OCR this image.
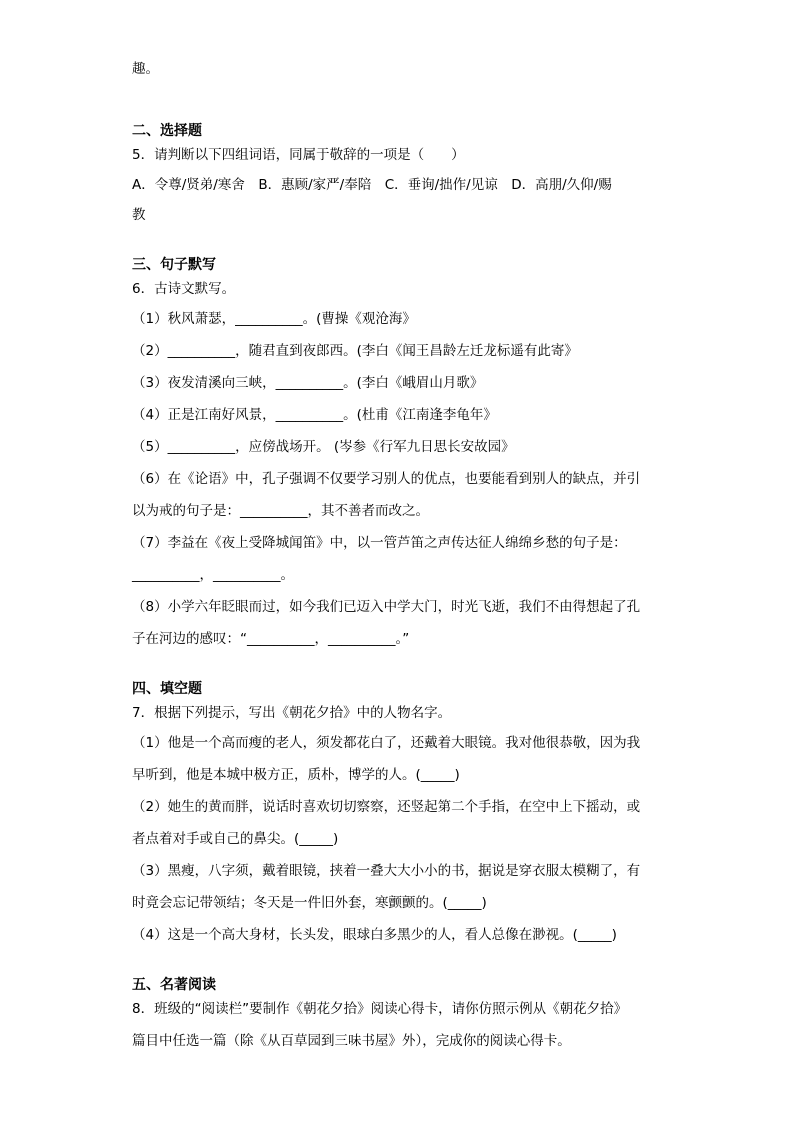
趣。

二、选择题

5．请判断以下四组词语，同属于敬辞的一项是（　　）

A．令尊/贤弟/寒舍　B．惠顾/家严/奉陪　C．垂询/拙作/见谅　D．高朋/久仰/赐

教

三、句子默写

6．古诗文默写。

（1）秋风萧瑟，__________。(曹操《观沧海》

（2）__________，随君直到夜郎西。(李白《闻王昌龄左迁龙标遥有此寄》

（3）夜发清溪向三峡，__________。(李白《峨眉山月歌》

（4）正是江南好风景，__________。(杜甫《江南逢李龟年》

（5）__________，应傍战场开。 (岑参《行军九日思长安故园》

（6）在《论语》中，孔子强调不仅要学习别人的优点，也要能看到别人的缺点，并引

以为戒的句子是：__________，其不善者而改之。

（7）李益在《夜上受降城闻笛》中，以一管芦笛之声传达征人绵绵乡愁的句子是：

__________，__________。

（8）小学六年眨眼而过，如今我们已迈入中学大门，时光飞逝，我们不由得想起了孔

子在河边的感叹：“__________，__________。”

四、填空题

7．根据下列提示，写出《朝花夕拾》中的人物名字。

（1）他是一个高而瘦的老人，须发都花白了，还戴着大眼镜。我对他很恭敬，因为我

早听到，他是本城中极方正，质朴，博学的人。(_____)

（2）她生的黄而胖，说话时喜欢切切察察，还竖起第二个手指，在空中上下摇动，或

者点着对手或自己的鼻尖。(_____)

（3）黑瘦，八字须，戴着眼镜，挟着一叠大大小小的书，据说是穿衣服太模糊了，有

时竟会忘记带领结；冬天是一件旧外套，寒颤颤的。(_____)

（4）这是一个高大身材，长头发，眼球白多黑少的人，看人总像在渺视。(_____)

五、名著阅读

8．班级的“阅读栏”要制作《朝花夕拾》阅读心得卡，请你仿照示例从《朝花夕拾》

篇目中任选一篇（除《从百草园到三味书屋》外），完成你的阅读心得卡。
